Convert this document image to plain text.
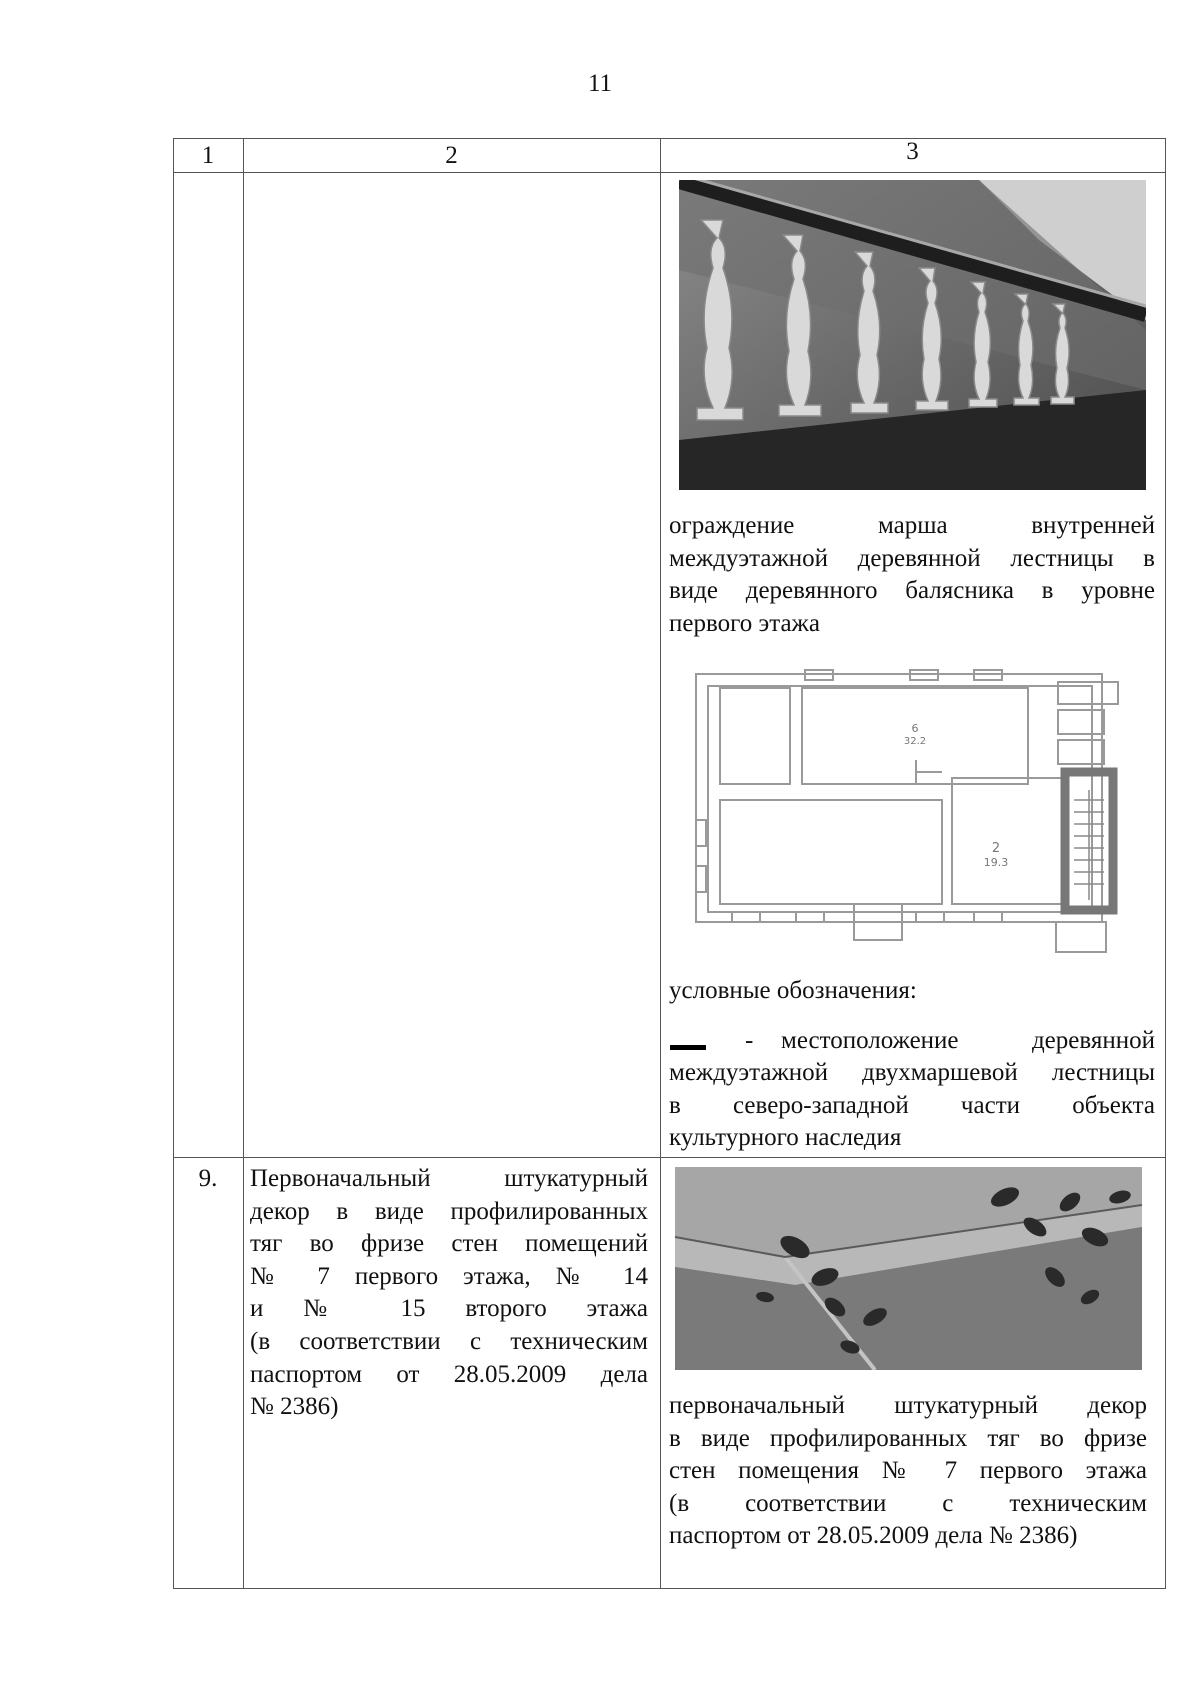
11
1	2	3
ограждение марша внутренней
междуэтажной деревянной лестницы в
виде деревянного балясника в уровне
первого этажа
2
19.3
6
32.2
условные обозначения:
-	местоположение деревянной
междуэтажной двухмаршевой лестницы
в северо-западной части объекта
культурного наследия
9.	Первоначальный штукатурный
декор в виде профилированных
тяг во фризе стен помещений
№ 7 первого этажа, № 14
и № 15 второго этажа
(в соответствии с техническим
паспортом от 28.05.2009 дела
№ 2386)	первоначальный штукатурный декор
в виде профилированных тяг во фризе
стен помещения № 7 первого этажа
(в соответствии с техническим
паспортом от 28.05.2009 дела № 2386)
